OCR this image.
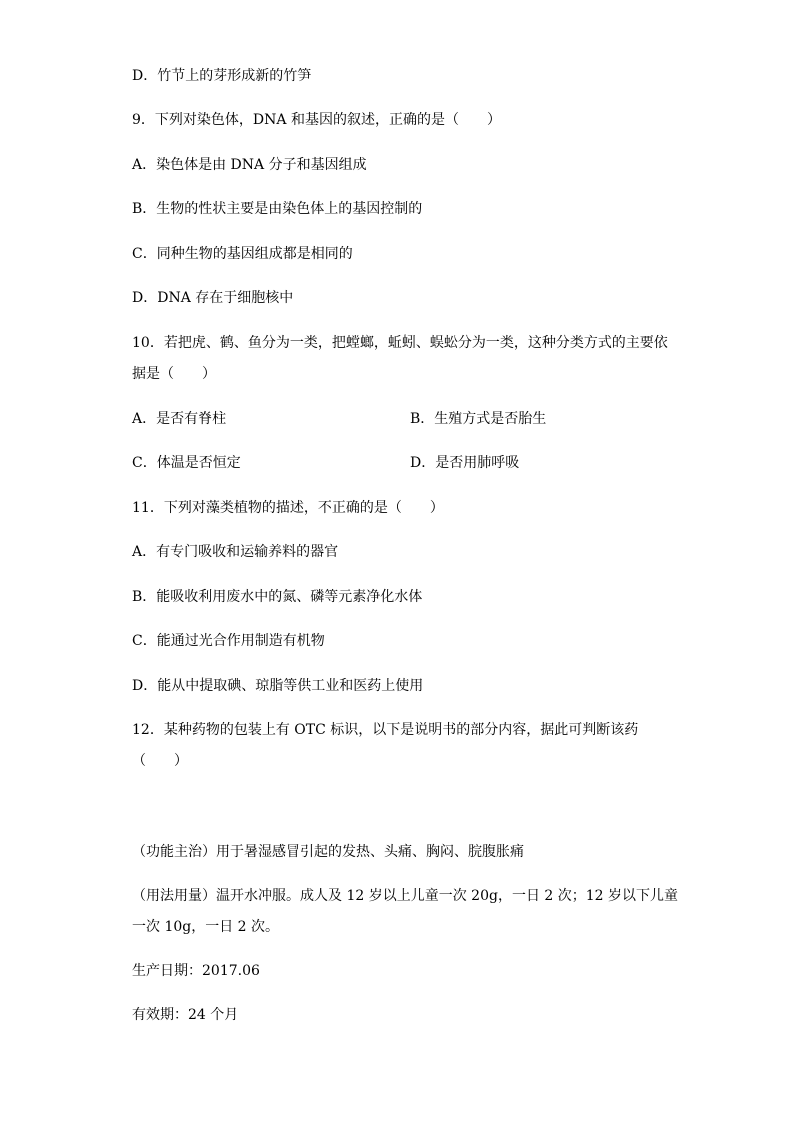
D．竹节上的芽形成新的竹笋
9．下列对染色体，DNA 和基因的叙述，正确的是（　　）
A．染色体是由 DNA 分子和基因组成
B．生物的性状主要是由染色体上的基因控制的
C．同种生物的基因组成都是相同的
D．DNA 存在于细胞核中
10．若把虎、鹤、鱼分为一类，把螳螂，蚯蚓、蜈蚣分为一类，这种分类方式的主要依
据是（　　）
A．是否有脊柱	B．生殖方式是否胎生
C．体温是否恒定	D．是否用肺呼吸
11．下列对藻类植物的描述，不正确的是（　　）
A．有专门吸收和运输养料的器官
B．能吸收利用废水中的氮、磷等元素净化水体
C．能通过光合作用制造有机物
D．能从中提取碘、琼脂等供工业和医药上使用
12．某种药物的包装上有 OTC 标识，以下是说明书的部分内容，据此可判断该药
（　　）
（功能主治）用于暑湿感冒引起的发热、头痛、胸闷、脘腹胀痛
（用法用量）温开水冲服。成人及 12 岁以上儿童一次 20g，一日 2 次；12 岁以下儿童
一次 10g，一日 2 次。
生产日期：2017.06
有效期：24 个月
